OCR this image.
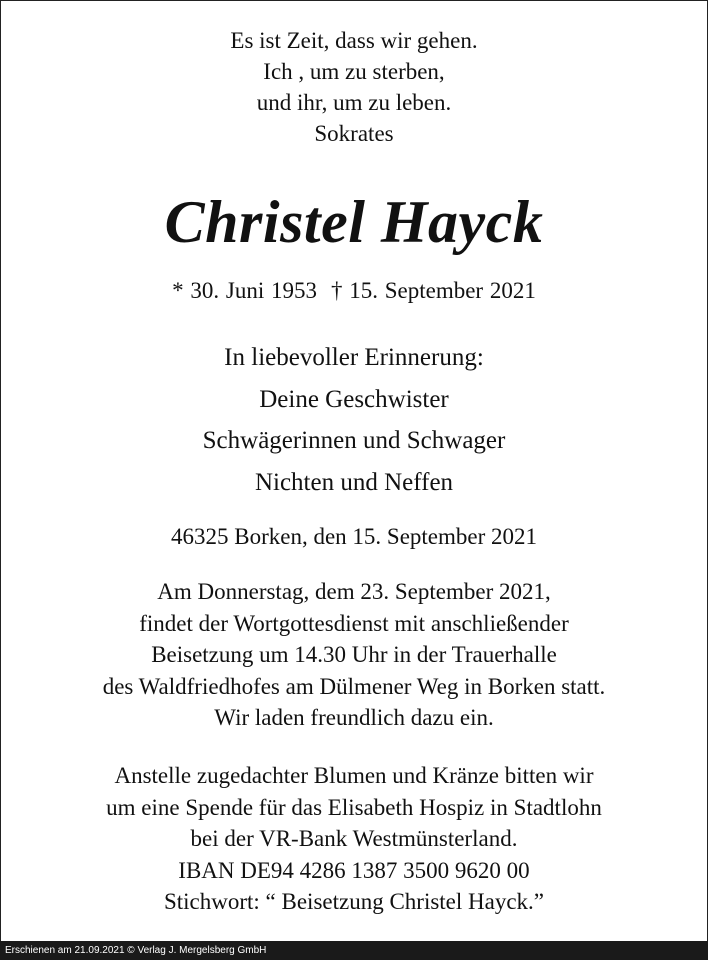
Es ist Zeit, dass wir gehen.
Ich , um zu sterben,
und ihr, um zu leben.
Sokrates
Christel Hayck
* 30. Juni 1953 † 15. September 2021
In liebevoller Erinnerung:
Deine Geschwister
Schwägerinnen und Schwager
Nichten und Neffen
46325 Borken, den 15. September 2021
Am Donnerstag, dem 23. September 2021,
findet der Wortgottesdienst mit anschließender
Beisetzung um 14.30 Uhr in der Trauerhalle
des Waldfriedhofes am Dülmener Weg in Borken statt.
Wir laden freundlich dazu ein.
Anstelle zugedachter Blumen und Kränze bitten wir
um eine Spende für das Elisabeth Hospiz in Stadtlohn
bei der VR-Bank Westmünsterland.
IBAN DE94 4286 1387 3500 9620 00
Stichwort: “ Beisetzung Christel Hayck.”
Erschienen am 21.09.2021 © Verlag J. Mergelsberg GmbH
